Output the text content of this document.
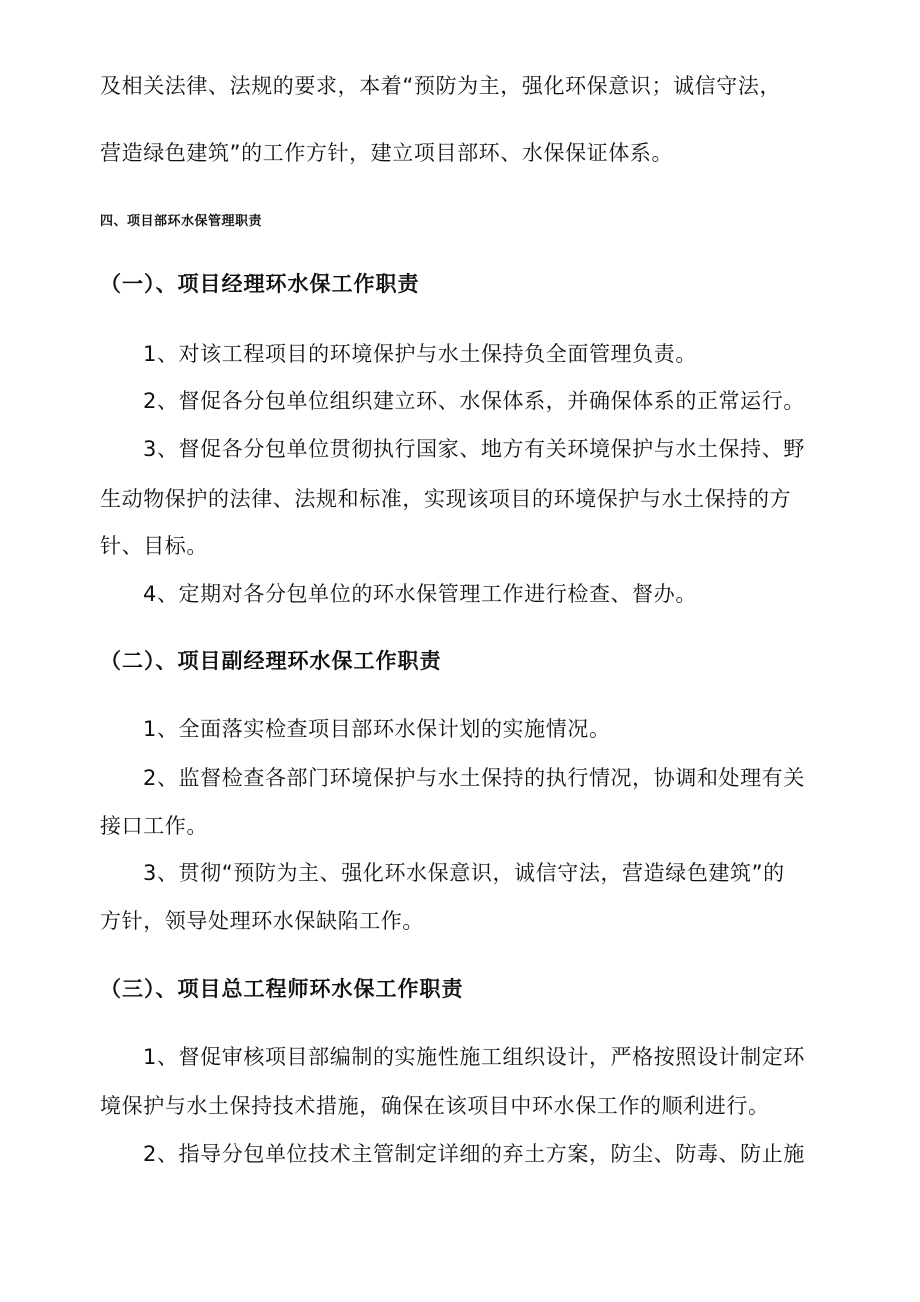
及相关法律、法规的要求，本着“预防为主，强化环保意识；诚信守法，
营造绿色建筑”的工作方针，建立项目部环、水保保证体系。
四、项目部环水保管理职责
（一）、项目经理环水保工作职责
1、对该工程项目的环境保护与水土保持负全面管理负责。
2、督促各分包单位组织建立环、水保体系，并确保体系的正常运行。
3、督促各分包单位贯彻执行国家、地方有关环境保护与水土保持、野
生动物保护的法律、法规和标准，实现该项目的环境保护与水土保持的方
针、目标。
4、定期对各分包单位的环水保管理工作进行检查、督办。
（二）、项目副经理环水保工作职责
1、全面落实检查项目部环水保计划的实施情况。
2、监督检查各部门环境保护与水土保持的执行情况，协调和处理有关
接口工作。
3、贯彻“预防为主、强化环水保意识，诚信守法，营造绿色建筑”的
方针，领导处理环水保缺陷工作。
（三）、项目总工程师环水保工作职责
1、督促审核项目部编制的实施性施工组织设计，严格按照设计制定环
境保护与水土保持技术措施，确保在该项目中环水保工作的顺利进行。
2、指导分包单位技术主管制定详细的弃土方案，防尘、防毒、防止施
